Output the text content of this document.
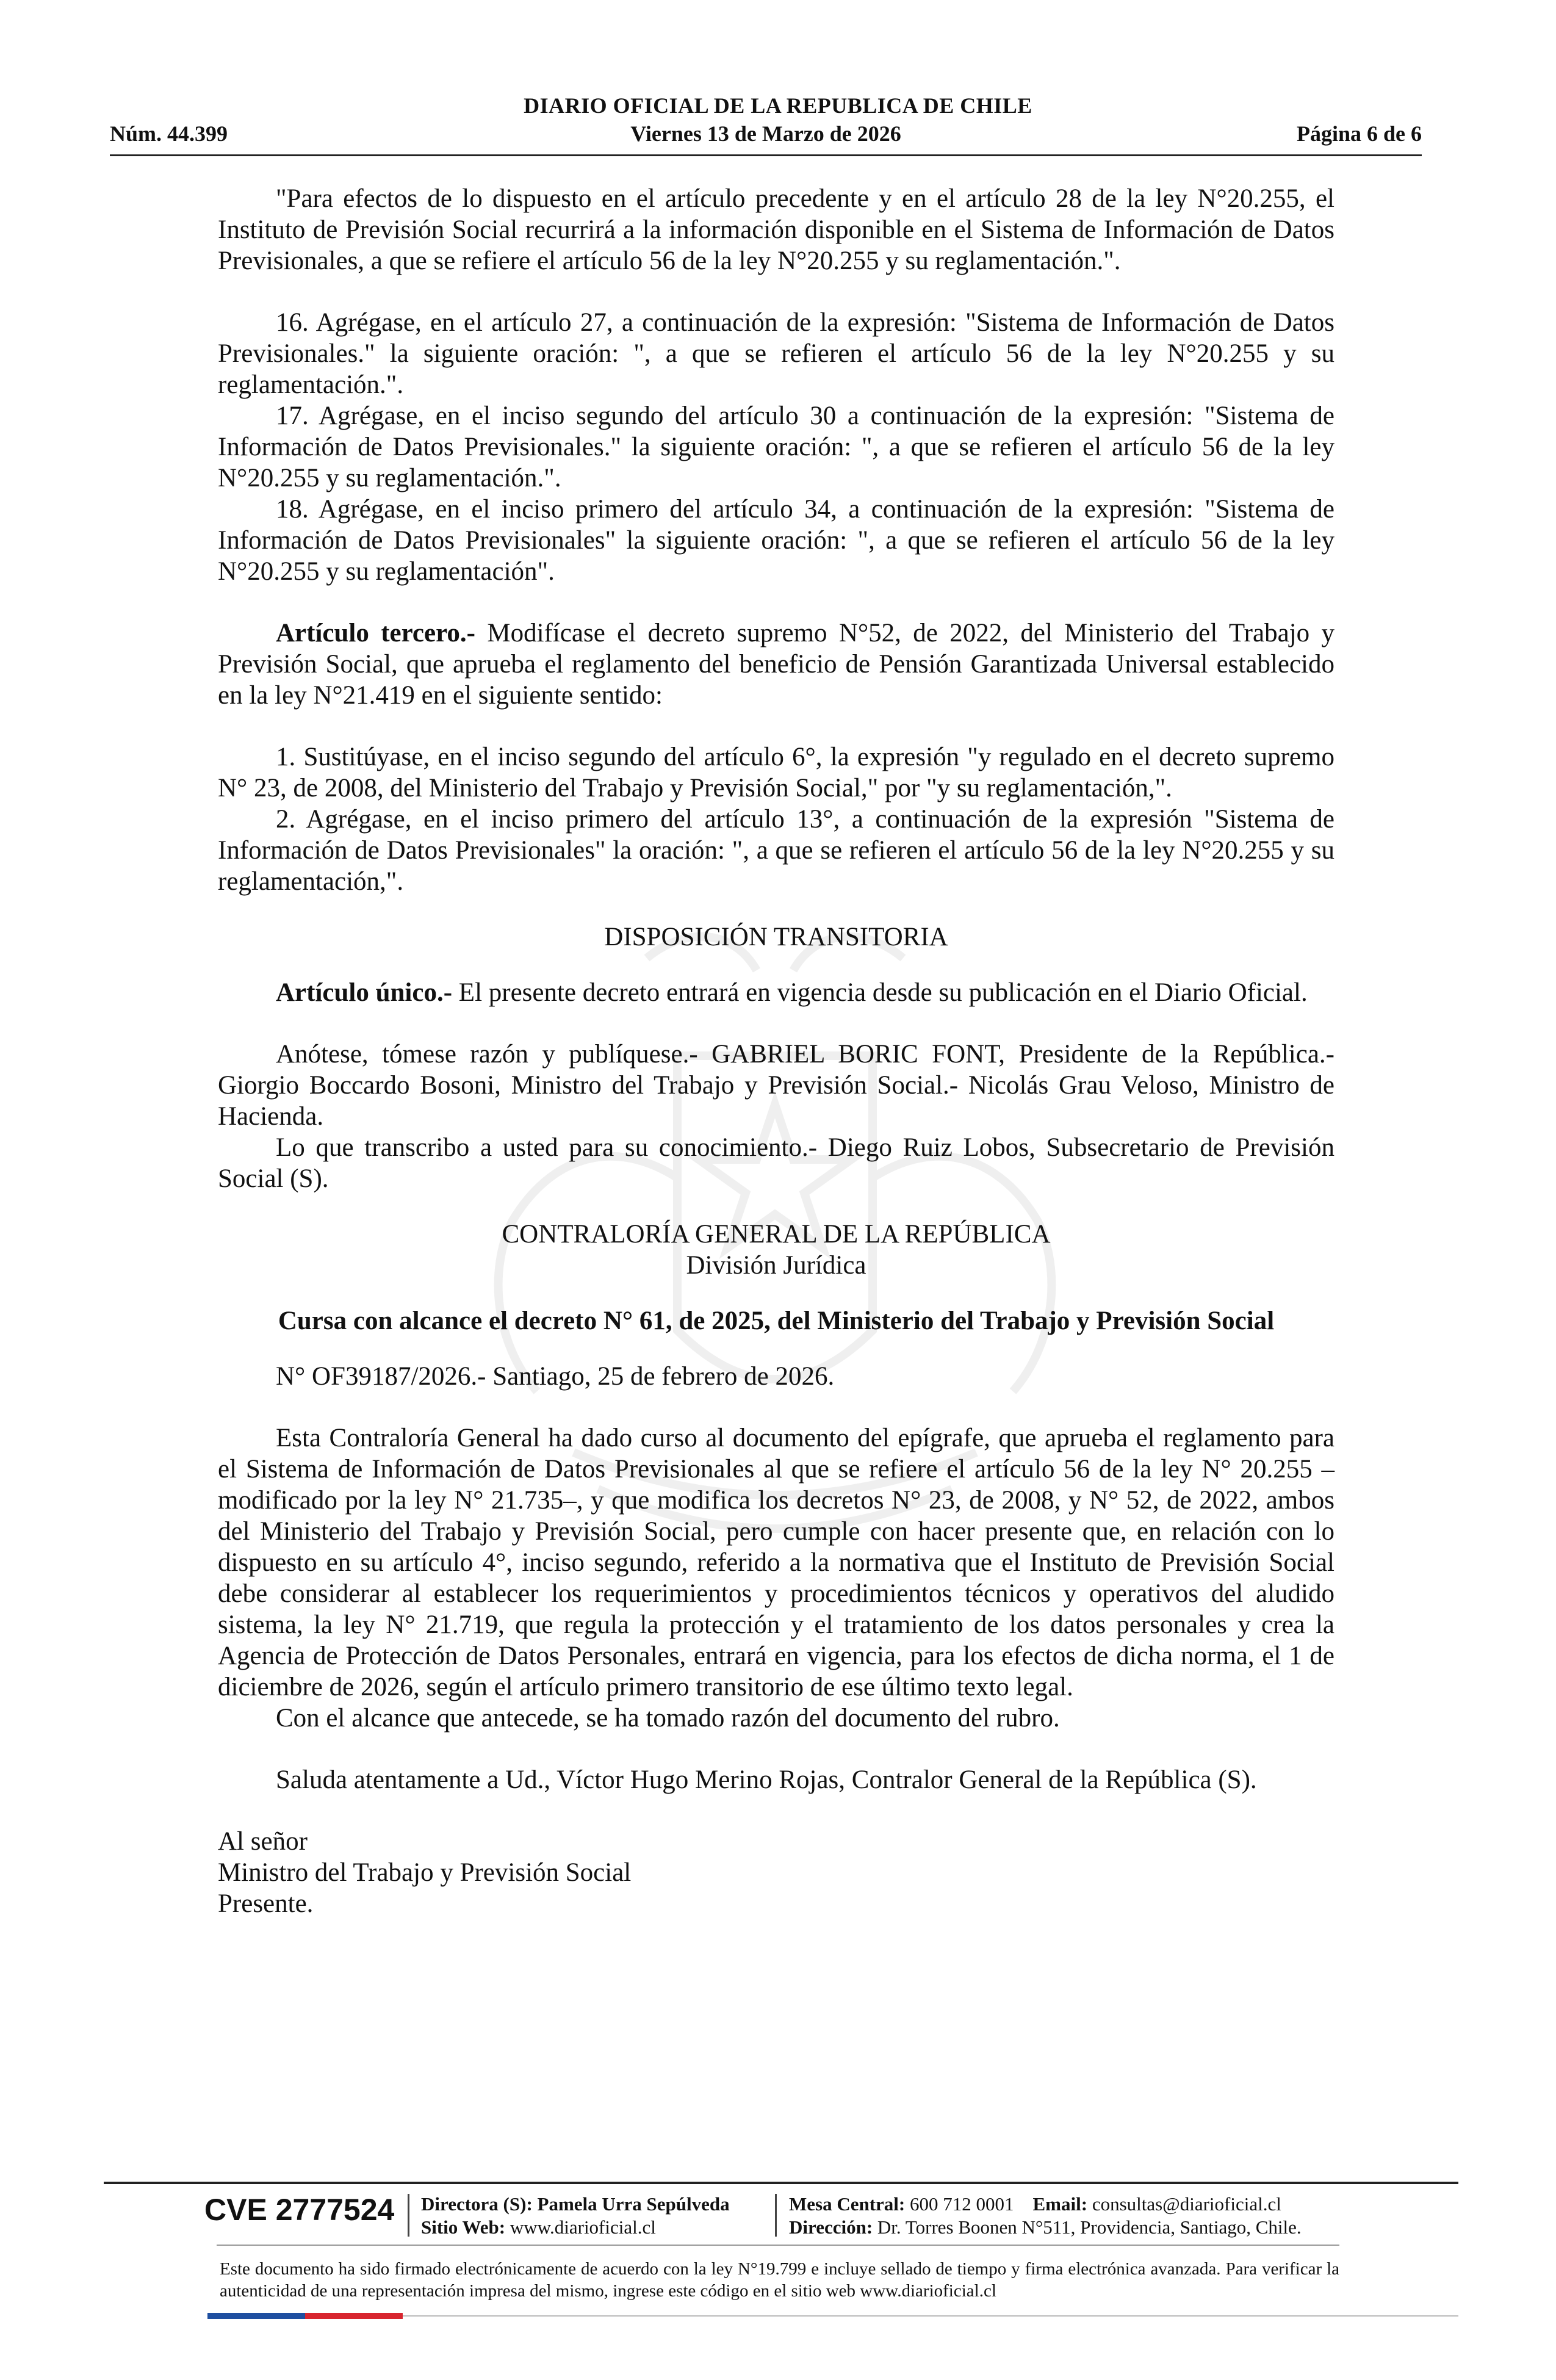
DIARIO OFICIAL DE LA REPUBLICA DE CHILE
Núm. 44.399	Viernes 13 de Marzo de 2026	Página 6 de 6

"Para efectos de lo dispuesto en el artículo precedente y en el artículo 28 de la ley N°20.255, el Instituto de Previsión Social recurrirá a la información disponible en el Sistema de Información de Datos Previsionales, a que se refiere el artículo 56 de la ley N°20.255 y su reglamentación.".

16. Agrégase, en el artículo 27, a continuación de la expresión: "Sistema de Información de Datos Previsionales." la siguiente oración: ", a que se refieren el artículo 56 de la ley N°20.255 y su reglamentación.".

17. Agrégase, en el inciso segundo del artículo 30 a continuación de la expresión: "Sistema de Información de Datos Previsionales." la siguiente oración: ", a que se refieren el artículo 56 de la ley N°20.255 y su reglamentación.".

18. Agrégase, en el inciso primero del artículo 34, a continuación de la expresión: "Sistema de Información de Datos Previsionales" la siguiente oración: ", a que se refieren el artículo 56 de la ley N°20.255 y su reglamentación".

Artículo tercero.- Modifícase el decreto supremo N°52, de 2022, del Ministerio del Trabajo y Previsión Social, que aprueba el reglamento del beneficio de Pensión Garantizada Universal establecido en la ley N°21.419 en el siguiente sentido:

1. Sustitúyase, en el inciso segundo del artículo 6°, la expresión "y regulado en el decreto supremo N° 23, de 2008, del Ministerio del Trabajo y Previsión Social," por "y su reglamentación,".

2. Agrégase, en el inciso primero del artículo 13°, a continuación de la expresión "Sistema de Información de Datos Previsionales" la oración: ", a que se refieren el artículo 56 de la ley N°20.255 y su reglamentación,".

DISPOSICIÓN TRANSITORIA

Artículo único.- El presente decreto entrará en vigencia desde su publicación en el Diario Oficial.

Anótese, tómese razón y publíquese.- GABRIEL BORIC FONT, Presidente de la República.- Giorgio Boccardo Bosoni, Ministro del Trabajo y Previsión Social.- Nicolás Grau Veloso, Ministro de Hacienda.

Lo que transcribo a usted para su conocimiento.- Diego Ruiz Lobos, Subsecretario de Previsión Social (S).

CONTRALORÍA GENERAL DE LA REPÚBLICA

División Jurídica

Cursa con alcance el decreto N° 61, de 2025, del Ministerio del Trabajo y Previsión Social

N° OF39187/2026.- Santiago, 25 de febrero de 2026.

Esta Contraloría General ha dado curso al documento del epígrafe, que aprueba el reglamento para el Sistema de Información de Datos Previsionales al que se refiere el artículo 56 de la ley N° 20.255 –modificado por la ley N° 21.735–, y que modifica los decretos N° 23, de 2008, y N° 52, de 2022, ambos del Ministerio del Trabajo y Previsión Social, pero cumple con hacer presente que, en relación con lo dispuesto en su artículo 4°, inciso segundo, referido a la normativa que el Instituto de Previsión Social debe considerar al establecer los requerimientos y procedimientos técnicos y operativos del aludido sistema, la ley N° 21.719, que regula la protección y el tratamiento de los datos personales y crea la Agencia de Protección de Datos Personales, entrará en vigencia, para los efectos de dicha norma, el 1 de diciembre de 2026, según el artículo primero transitorio de ese último texto legal.

Con el alcance que antecede, se ha tomado razón del documento del rubro.

Saluda atentamente a Ud., Víctor Hugo Merino Rojas, Contralor General de la República (S).

Al señor

Ministro del Trabajo y Previsión Social

Presente.

CVE 2777524 Directora (S): Pamela Urra Sepúlveda
Sitio Web: www.diarioficial.cl
Mesa Central: 600 712 0001 Email: consultas@diarioficial.cl
Dirección: Dr. Torres Boonen N°511, Providencia, Santiago, Chile.
Este documento ha sido firmado electrónicamente de acuerdo con la ley N°19.799 e incluye sellado de tiempo y firma electrónica avanzada. Para verificar la autenticidad de una representación impresa del mismo, ingrese este código en el sitio web www.diarioficial.cl
